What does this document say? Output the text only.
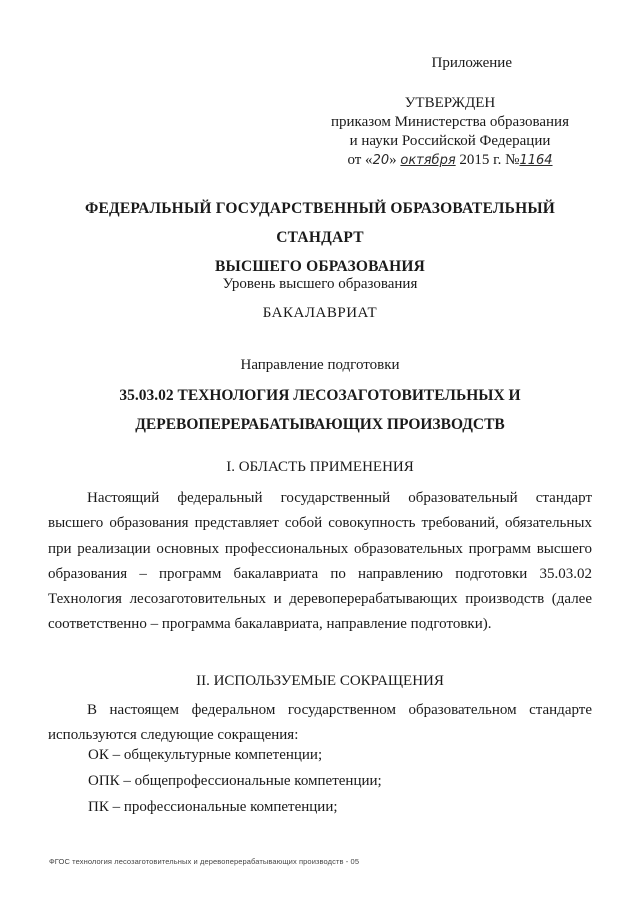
Приложение
УТВЕРЖДЕН
приказом Министерства образования
и науки Российской Федерации
от «20» октября 2015 г. №1164
ФЕДЕРАЛЬНЫЙ ГОСУДАРСТВЕННЫЙ ОБРАЗОВАТЕЛЬНЫЙ СТАНДАРТ
ВЫСШЕГО ОБРАЗОВАНИЯ
Уровень высшего образования
БАКАЛАВРИАТ
Направление подготовки
35.03.02 ТЕХНОЛОГИЯ ЛЕСОЗАГОТОВИТЕЛЬНЫХ И
ДЕРЕВОПЕРЕРАБАТЫВАЮЩИХ ПРОИЗВОДСТВ
I. ОБЛАСТЬ ПРИМЕНЕНИЯ
Настоящий федеральный государственный образовательный стандарт высшего образования представляет собой совокупность требований, обязательных при реализации основных профессиональных образовательных программ высшего образования – программ бакалавриата по направлению подготовки 35.03.02 Технология лесозаготовительных и деревоперерабатывающих производств (далее соответственно – программа бакалавриата, направление подготовки).
II. ИСПОЛЬЗУЕМЫЕ СОКРАЩЕНИЯ
В настоящем федеральном государственном образовательном стандарте используются следующие сокращения:
ОК – общекультурные компетенции;
ОПК – общепрофессиональные компетенции;
ПК – профессиональные компетенции;
ФГОС технология лесозаготовительных и деревоперерабатывающих производств - 05
